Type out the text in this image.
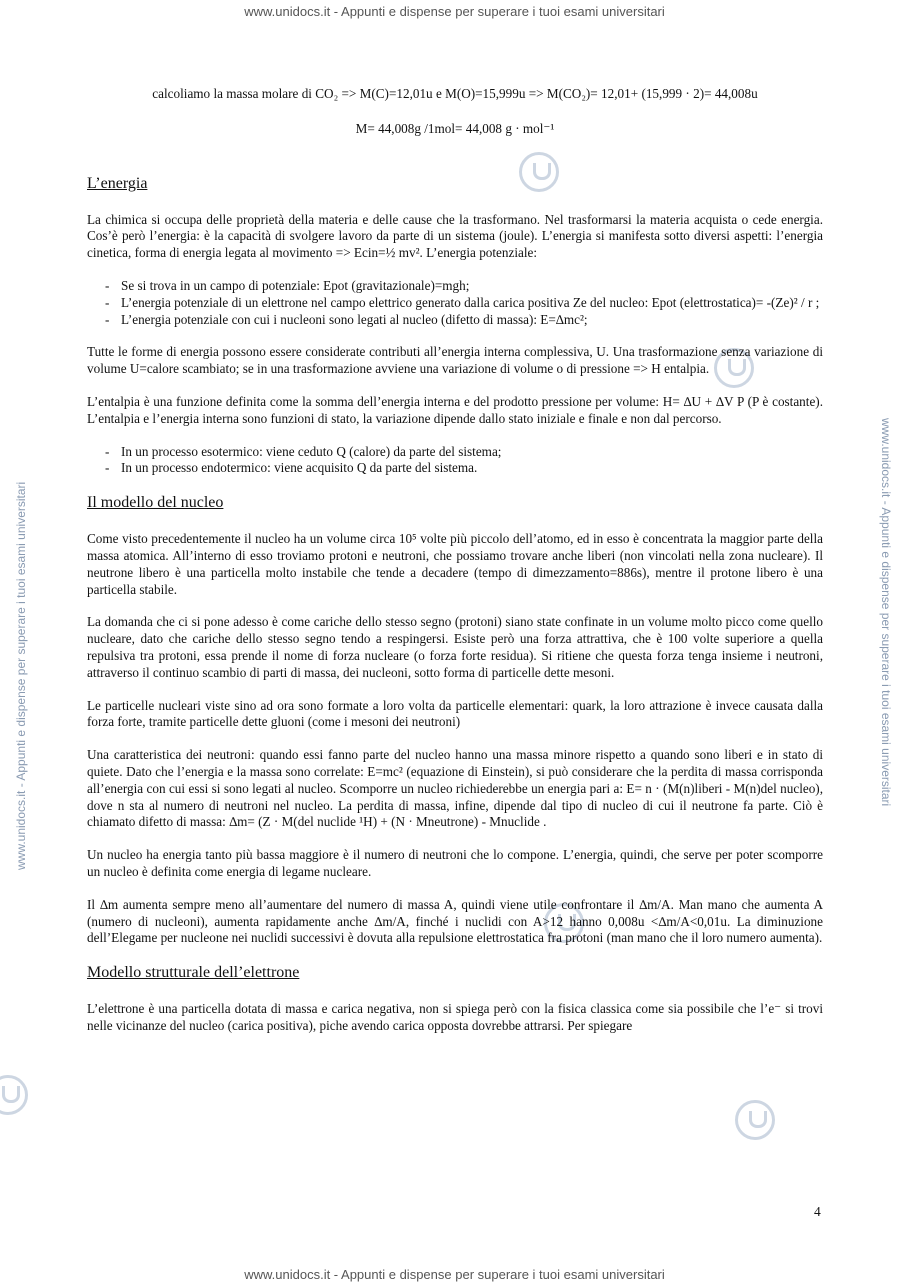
www.unidocs.it - Appunti e dispense per superare i tuoi esami universitari
www.unidocs.it - Appunti e dispense per superare i tuoi esami universitari	www.unidocs.it - Appunti e dispense per superare i tuoi esami universitari

calcoliamo la massa molare di CO₂ => M(C)=12,01u e M(O)=15,999u => M(CO₂)= 12,01+ (15,999 · 2)= 44,008u

M= 44,008g /1mol= 44,008 g · mol⁻¹

L’energia

La chimica si occupa delle proprietà della materia e delle cause che la trasformano. Nel trasformarsi la materia acquista o cede energia. Cos’è però l’energia: è la capacità di svolgere lavoro da parte di un sistema (joule). L’energia si manifesta sotto diversi aspetti: l’energia cinetica, forma di energia legata al movimento => Ecin=½ mv². L’energia potenziale:

- Se si trova in un campo di potenziale: Epot (gravitazionale)=mgh;
- L’energia potenziale di un elettrone nel campo elettrico generato dalla carica positiva Ze del nucleo: Epot (elettrostatica)= -(Ze)² / r ;
- L’energia potenziale con cui i nucleoni sono legati al nucleo (difetto di massa): E=∆mc²;

Tutte le forme di energia possono essere considerate contributi all’energia interna complessiva, U. Una trasformazione senza variazione di volume U=calore scambiato; se in una trasformazione avviene una variazione di volume o di pressione => H entalpia.

L’entalpia è una funzione definita come la somma dell’energia interna e del prodotto pressione per volume: H= ∆U + ∆V P (P è costante). L’entalpia e l’energia interna sono funzioni di stato, la variazione dipende dallo stato iniziale e finale e non dal percorso.

- In un processo esotermico: viene ceduto Q (calore) da parte del sistema;
- In un processo endotermico: viene acquisito Q da parte del sistema.
Il modello del nucleo

Come visto precedentemente il nucleo ha un volume circa 10⁵ volte più piccolo dell’atomo, ed in esso è concentrata la maggior parte della massa atomica. All’interno di esso troviamo protoni e neutroni, che possiamo trovare anche liberi (non vincolati nella zona nucleare). Il neutrone libero è una particella molto instabile che tende a decadere (tempo di dimezzamento=886s), mentre il protone libero è una particella stabile.

La domanda che ci si pone adesso è come cariche dello stesso segno (protoni) siano state confinate in un volume molto picco come quello nucleare, dato che cariche dello stesso segno tendo a respingersi. Esiste però una forza attrattiva, che è 100 volte superiore a quella repulsiva tra protoni, essa prende il nome di forza nucleare (o forza forte residua). Si ritiene che questa forza tenga insieme i neutroni, attraverso il continuo scambio di parti di massa, dei nucleoni, sotto forma di particelle dette mesoni.

Le particelle nucleari viste sino ad ora sono formate a loro volta da particelle elementari: quark, la loro attrazione è invece causata dalla forza forte, tramite particelle dette gluoni (come i mesoni dei neutroni)

Una caratteristica dei neutroni: quando essi fanno parte del nucleo hanno una massa minore rispetto a quando sono liberi e in stato di quiete. Dato che l’energia e la massa sono correlate: E=mc² (equazione di Einstein), si può considerare che la perdita di massa corrisponda all’energia con cui essi si sono legati al nucleo. Scomporre un nucleo richiederebbe un energia pari a: E= n · (M(n)liberi - M(n)del nucleo), dove n sta al numero di neutroni nel nucleo. La perdita di massa, infine, dipende dal tipo di nucleo di cui il neutrone fa parte. Ciò è chiamato difetto di massa: ∆m= (Z · M(del nuclide ¹H) + (N · Mneutrone) - Mnuclide .

Un nucleo ha energia tanto più bassa maggiore è il numero di neutroni che lo compone. L’energia, quindi, che serve per poter scomporre un nucleo è definita come energia di legame nucleare.

Il ∆m aumenta sempre meno all’aumentare del numero di massa A, quindi viene utile confrontare il ∆m/A. Man mano che aumenta A (numero di nucleoni), aumenta rapidamente anche ∆m/A, finché i nuclidi con A>12 hanno 0,008u <∆m/A<0,01u. La diminuzione dell’Elegame per nucleone nei nuclidi successivi è dovuta alla repulsione elettrostatica fra protoni (man mano che il loro numero aumenta).

Modello strutturale dell’elettrone

L’elettrone è una particella dotata di massa e carica negativa, non si spiega però con la fisica classica come sia possibile che l’e⁻ si trovi nelle vicinanze del nucleo (carica positiva), piche avendo carica opposta dovrebbe attrarsi. Per spiegare

4
www.unidocs.it - Appunti e dispense per superare i tuoi esami universitari
